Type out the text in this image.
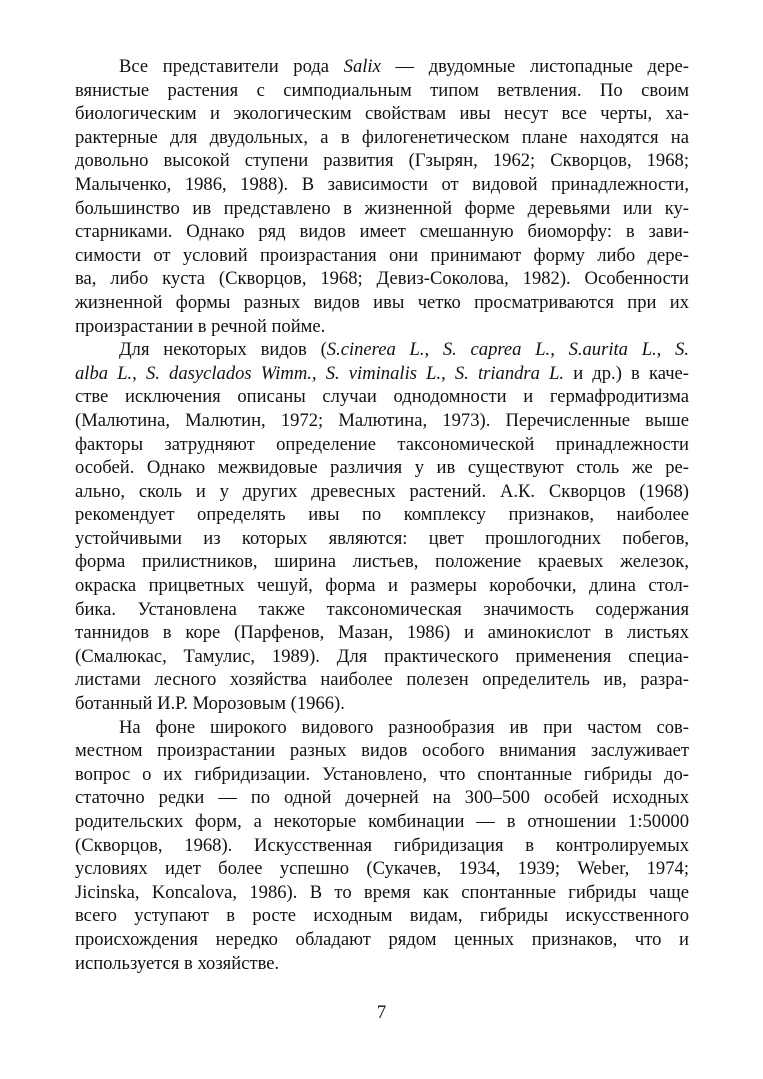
Все представители рода Salix — двудомные листопадные дере-
вянистые растения с симподиальным типом ветвления. По своим
биологическим и экологическим свойствам ивы несут все черты, ха-
рактерные для двудольных, а в филогенетическом плане находятся на
довольно высокой ступени развития (Гзырян, 1962; Скворцов, 1968;
Малыченко, 1986, 1988). В зависимости от видовой принадлежности,
большинство ив представлено в жизненной форме деревьями или ку-
старниками. Однако ряд видов имеет смешанную биоморфу: в зави-
симости от условий произрастания они принимают форму либо дере-
ва, либо куста (Скворцов, 1968; Девиз-Соколова, 1982). Особенности
жизненной формы разных видов ивы четко просматриваются при их
произрастании в речной пойме.
Для некоторых видов (S.cinerea L., S. caprea L., S.aurita L., S.
alba L., S. dasyclados Wimm., S. viminalis L., S. triandra L. и др.) в каче-
стве исключения описаны случаи однодомности и гермафродитизма
(Малютина, Малютин, 1972; Малютина, 1973). Перечисленные выше
факторы затрудняют определение таксономической принадлежности
особей. Однако межвидовые различия у ив существуют столь же ре-
ально, сколь и у других древесных растений. А.К. Скворцов (1968)
рекомендует определять ивы по комплексу признаков, наиболее
устойчивыми из которых являются: цвет прошлогодних побегов,
форма прилистников, ширина листьев, положение краевых железок,
окраска прицветных чешуй, форма и размеры коробочки, длина стол-
бика. Установлена также таксономическая значимость содержания
таннидов в коре (Парфенов, Мазан, 1986) и аминокислот в листьях
(Смалюкас, Тамулис, 1989). Для практического применения специа-
листами лесного хозяйства наиболее полезен определитель ив, разра-
ботанный И.Р. Морозовым (1966).
На фоне широкого видового разнообразия ив при частом сов-
местном произрастании разных видов особого внимания заслуживает
вопрос о их гибридизации. Установлено, что спонтанные гибриды до-
статочно редки — по одной дочерней на 300–500 особей исходных
родительских форм, а некоторые комбинации — в отношении 1:50000
(Скворцов, 1968). Искусственная гибридизация в контролируемых
условиях идет более успешно (Сукачев, 1934, 1939; Weber, 1974;
Jicinska, Koncalova, 1986). В то время как спонтанные гибриды чаще
всего уступают в росте исходным видам, гибриды искусственного
происхождения нередко обладают рядом ценных признаков, что и
используется в хозяйстве.
7
